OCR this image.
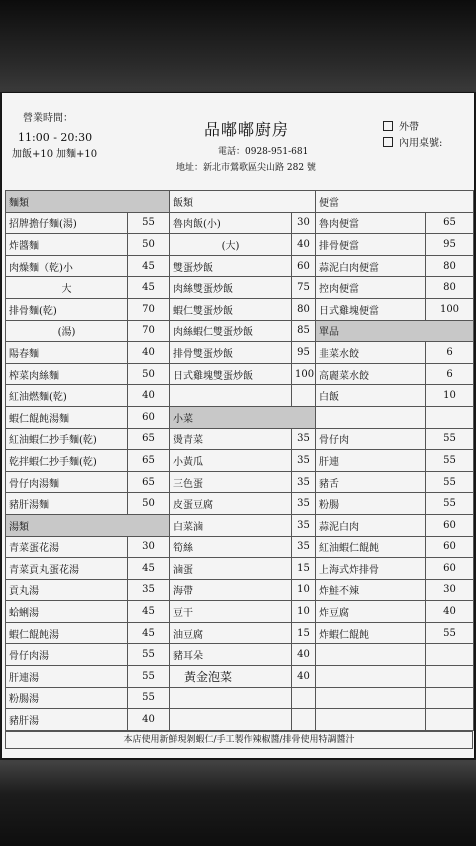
營業時間：
11:00 - 20:30
加飯+10 加麵+10
品嘟嘟廚房
電話：0928-951-681
地址：新北市鶯歌區尖山路 282 號
外帶
內用桌號:
麵類		飯類		便當	
招牌擔仔麵(湯)	55	魯肉飯(小)	30	魯肉便當	65
炸醬麵	50	(大)	40	排骨便當	95
肉燥麵（乾)小	45	雙蛋炒飯	60	蒜泥白肉便當	80
大	45	肉絲雙蛋炒飯	75	控肉便當	80
排骨麵(乾)	70	蝦仁雙蛋炒飯	80	日式雞塊便當	100
(湯)	70	肉絲蝦仁雙蛋炒飯	85	單品	
陽春麵	40	排骨雙蛋炒飯	95	韭菜水餃	6
榨菜肉絲麵	50	日式雞塊雙蛋炒飯	100	高麗菜水餃	6
紅油燃麵(乾)	40			白飯	10
蝦仁餛飩湯麵	60	小菜			
紅油蝦仁抄手麵(乾)	65	燙青菜	35	骨仔肉	55
乾拌蝦仁抄手麵(乾)	65	小黃瓜	35	肝連	55
骨仔肉湯麵	65	三色蛋	35	豬舌	55
豬肝湯麵	50	皮蛋豆腐	35	粉腸	55
湯類		白菜滷	35	蒜泥白肉	60
青菜蛋花湯	30	筍絲	35	紅油蝦仁餛飩	60
青菜貢丸蛋花湯	45	滷蛋	15	上海式炸排骨	60
貢丸湯	35	海帶	10	炸鮭不辣	30
蛤蜊湯	45	豆干	10	炸豆腐	40
蝦仁餛飩湯	45	油豆腐	15	炸蝦仁餛飩	55
骨仔肉湯	55	豬耳朵	40		
肝連湯	55	黃金泡菜	40		
粉腸湯	55				
豬肝湯	40				
本店使用新鮮現剝蝦仁/手工製作辣椒醬/排骨使用特調醬汁
